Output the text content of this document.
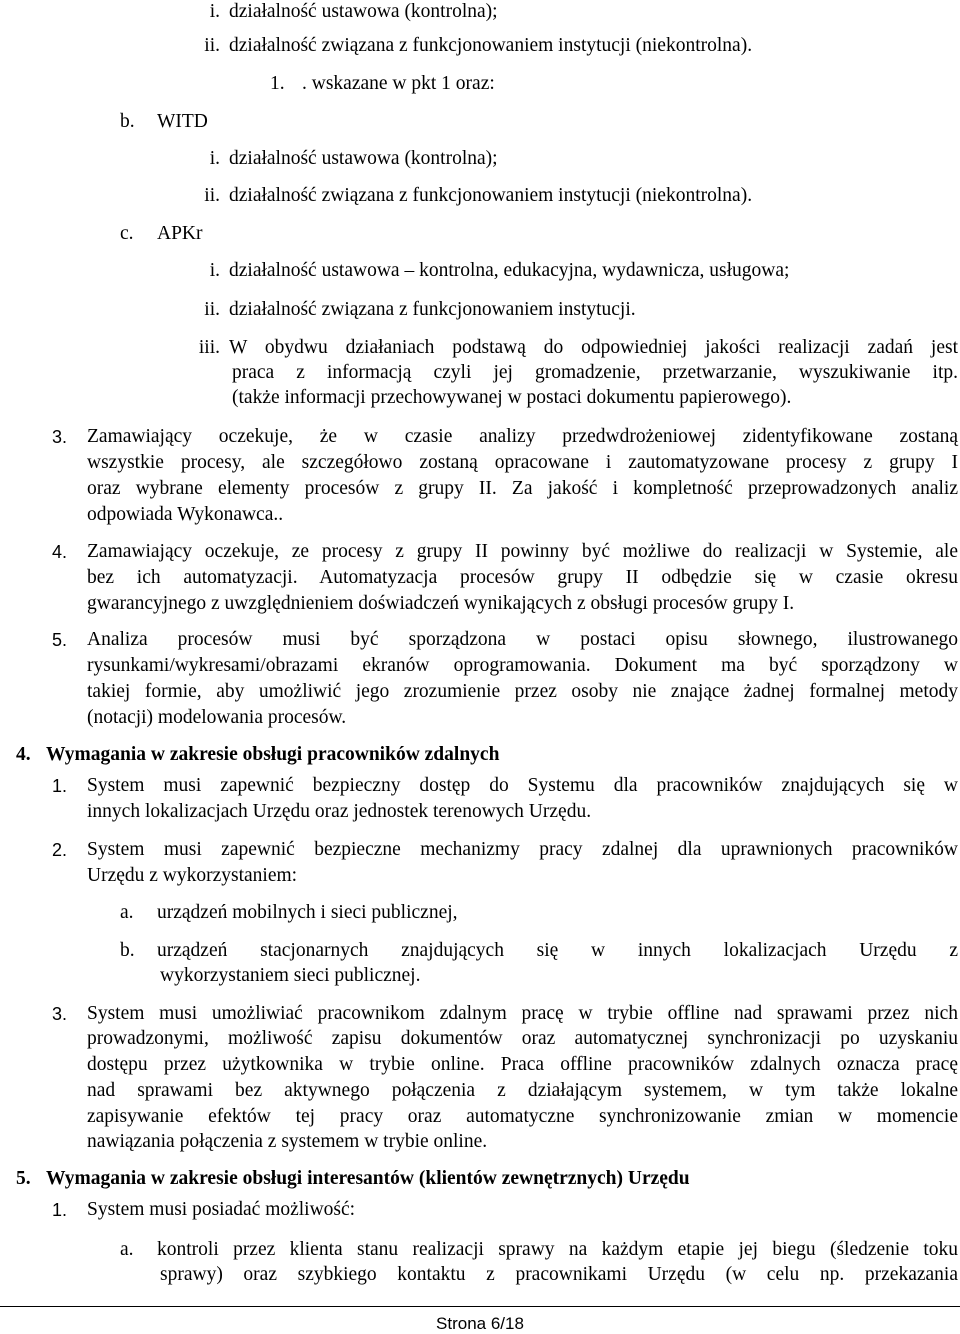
i. działalność ustawowa (kontrolna);
ii. działalność związana z funkcjonowaniem instytucji (niekontrolna).
1. . wskazane w pkt 1 oraz:
b. WITD
i. działalność ustawowa (kontrolna);
ii. działalność związana z funkcjonowaniem instytucji (niekontrolna).
c. APKr
i. działalność ustawowa – kontrolna, edukacyjna, wydawnicza, usługowa;
ii. działalność związana z funkcjonowaniem instytucji.
iii. W obydwu działaniach podstawą do odpowiedniej jakości realizacji zadań jest
praca z informacją czyli jej gromadzenie, przetwarzanie, wyszukiwanie itp.
(także informacji przechowywanej w postaci dokumentu papierowego).
3. Zamawiający oczekuje, że w czasie analizy przedwdrożeniowej zidentyfikowane zostaną
wszystkie procesy, ale szczegółowo zostaną opracowane i zautomatyzowane procesy z grupy I
oraz wybrane elementy procesów z grupy II. Za jakość i kompletność przeprowadzonych analiz
odpowiada Wykonawca..
4. Zamawiający oczekuje, ze procesy z grupy II powinny być możliwe do realizacji w Systemie, ale
bez ich automatyzacji. Automatyzacja procesów grupy II odbędzie się w czasie okresu
gwarancyjnego z uwzględnieniem doświadczeń wynikających z obsługi procesów grupy I.
5. Analiza procesów musi być sporządzona w postaci opisu słownego, ilustrowanego
rysunkami/wykresami/obrazami ekranów oprogramowania. Dokument ma być sporządzony w
takiej formie, aby umożliwić jego zrozumienie przez osoby nie znające żadnej formalnej metody
(notacji) modelowania procesów.
4. Wymagania w zakresie obsługi pracowników zdalnych
1. System musi zapewnić bezpieczny dostęp do Systemu dla pracowników znajdujących się w
innych lokalizacjach Urzędu oraz jednostek terenowych Urzędu.
2. System musi zapewnić bezpieczne mechanizmy pracy zdalnej dla uprawnionych pracowników
Urzędu z wykorzystaniem:
a. urządzeń mobilnych i sieci publicznej,
b. urządzeń stacjonarnych znajdujących się w innych lokalizacjach Urzędu z
wykorzystaniem sieci publicznej.
3. System musi umożliwiać pracownikom zdalnym pracę w trybie offline nad sprawami przez nich
prowadzonymi, możliwość zapisu dokumentów oraz automatycznej synchronizacji po uzyskaniu
dostępu przez użytkownika w trybie online. Praca offline pracowników zdalnych oznacza pracę
nad sprawami bez aktywnego połączenia z działającym systemem, w tym także lokalne
zapisywanie efektów tej pracy oraz automatyczne synchronizowanie zmian w momencie
nawiązania połączenia z systemem w trybie online.
5. Wymagania w zakresie obsługi interesantów (klientów zewnętrznych) Urzędu
1. System musi posiadać możliwość:
a. kontroli przez klienta stanu realizacji sprawy na każdym etapie jej biegu (śledzenie toku
sprawy) oraz szybkiego kontaktu z pracownikami Urzędu (w celu np. przekazania
Strona 6/18
